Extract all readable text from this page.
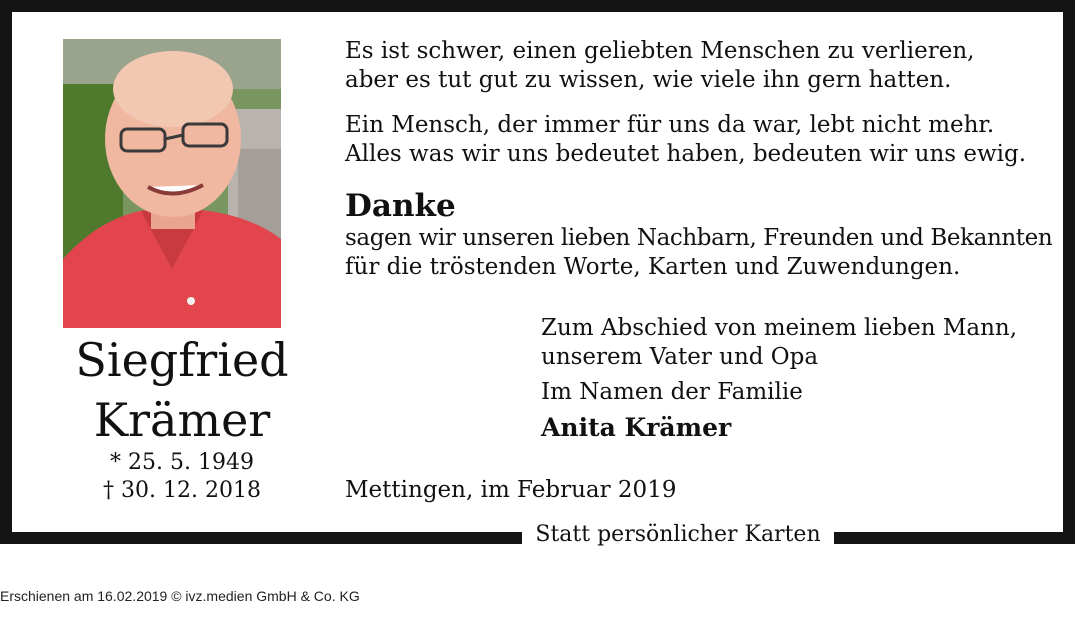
Siegfried
Krämer
* 25. 5. 1949
† 30. 12. 2018
Es ist schwer, einen geliebten Menschen zu verlieren,
aber es tut gut zu wissen, wie viele ihn gern hatten.
Ein Mensch, der immer für uns da war, lebt nicht mehr.
Alles was wir uns bedeutet haben, bedeuten wir uns ewig.
Danke
sagen wir unseren lieben Nachbarn, Freunden und Bekannten
für die tröstenden Worte, Karten und Zuwendungen.
Zum Abschied von meinem lieben Mann,
unserem Vater und Opa
Im Namen der Familie
Anita Krämer
Mettingen, im Februar 2019
Statt persönlicher Karten
Erschienen am 16.02.2019 © ivz.medien GmbH & Co. KG
